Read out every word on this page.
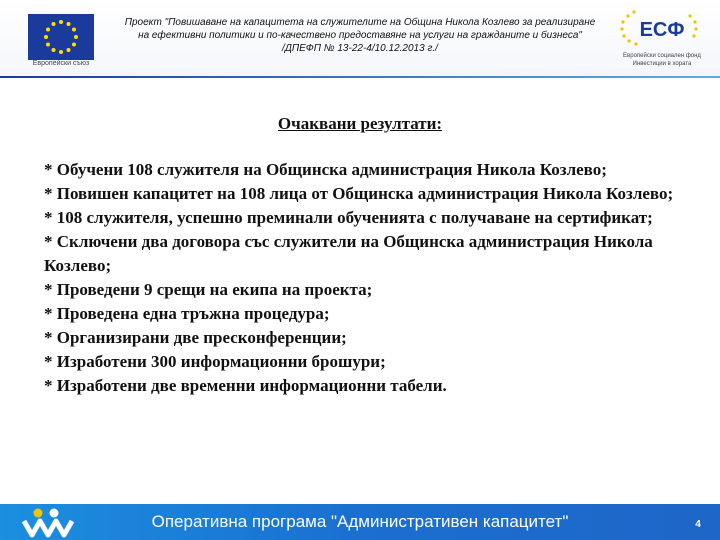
Европейски съюз
Проект "Повишаване на капацитета на служителите на Община Никола Козлево за реализиране
на ефективни политики и по-качествено предоставяне на услуги на гражданите и бизнеса"
/ДПЕФП № 13-22-4/10.12.2013 г./
ЕСФ
Европейски социален фонд Инвестиции в хората
Очаквани резултати:
* Обучени 108 служителя на Общинска администрация Никола Козлево;
* Повишен капацитет на 108 лица от Общинска администрация Никола Козлево;
* 108 служителя, успешно преминали обученията с получаване на сертификат;
* Сключени два договора със служители на Общинска администрация Никола Козлево;
* Проведени 9 срещи на екипа на проекта;
* Проведена една тръжна процедура;
* Организирани две пресконференции;
* Изработени 300 информационни брошури;
* Изработени две временни информационни табели.
Оперативна програма "Административен капацитет"	4
